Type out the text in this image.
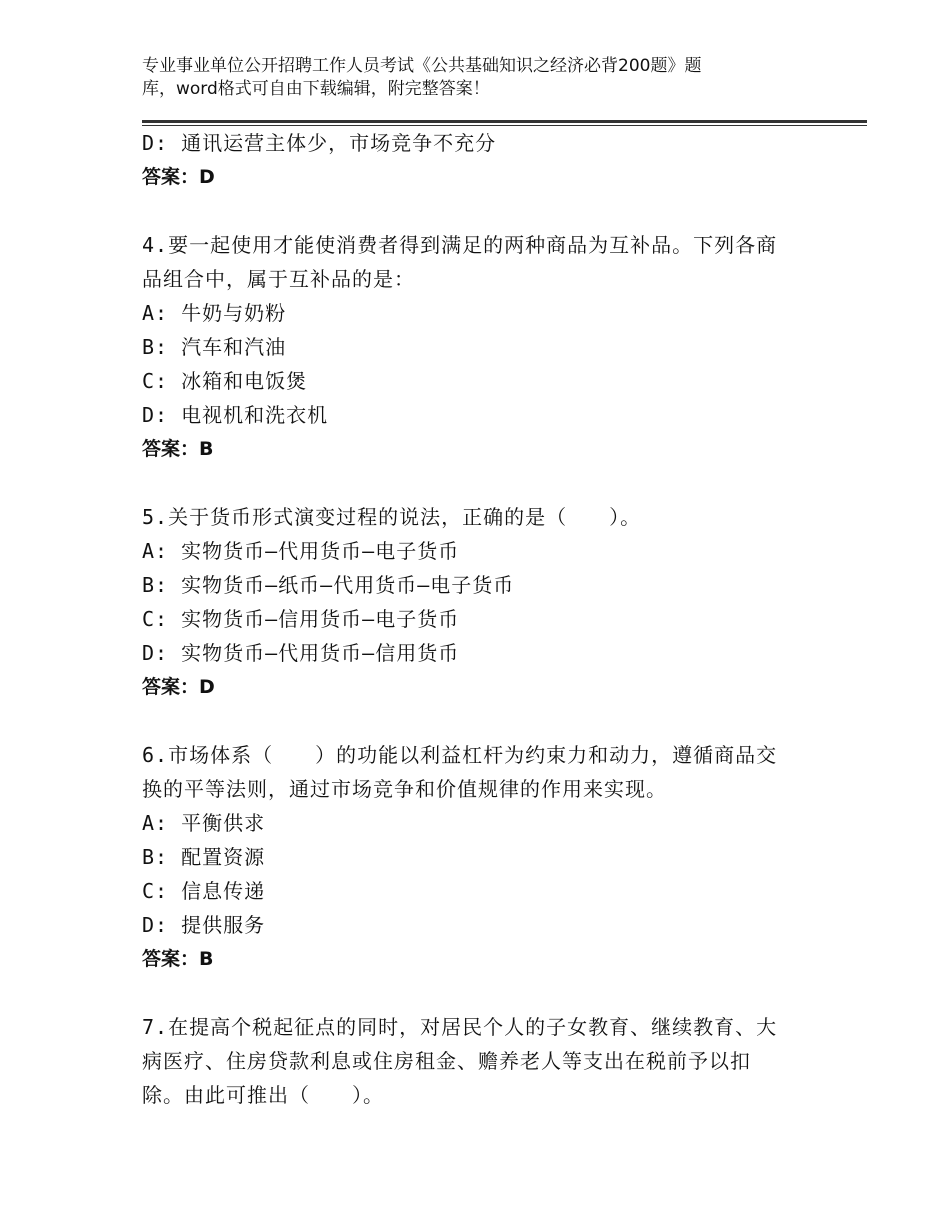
专业事业单位公开招聘工作人员考试《公共基础知识之经济必背200题》题
库，word格式可自由下载编辑，附完整答案！
D: 通讯运营主体少，市场竞争不充分
答案：D
4.要一起使用才能使消费者得到满足的两种商品为互补品。下列各商
品组合中，属于互补品的是：
A: 牛奶与奶粉
B: 汽车和汽油
C: 冰箱和电饭煲
D: 电视机和洗衣机
答案：B
5.关于货币形式演变过程的说法，正确的是（　　）。
A: 实物货币—代用货币—电子货币
B: 实物货币—纸币—代用货币—电子货币
C: 实物货币—信用货币—电子货币
D: 实物货币—代用货币—信用货币
答案：D
6.市场体系（　　）的功能以利益杠杆为约束力和动力，遵循商品交
换的平等法则，通过市场竞争和价值规律的作用来实现。
A: 平衡供求
B: 配置资源
C: 信息传递
D: 提供服务
答案：B
7.在提高个税起征点的同时，对居民个人的子女教育、继续教育、大
病医疗、住房贷款利息或住房租金、赡养老人等支出在税前予以扣
除。由此可推出（　　）。
